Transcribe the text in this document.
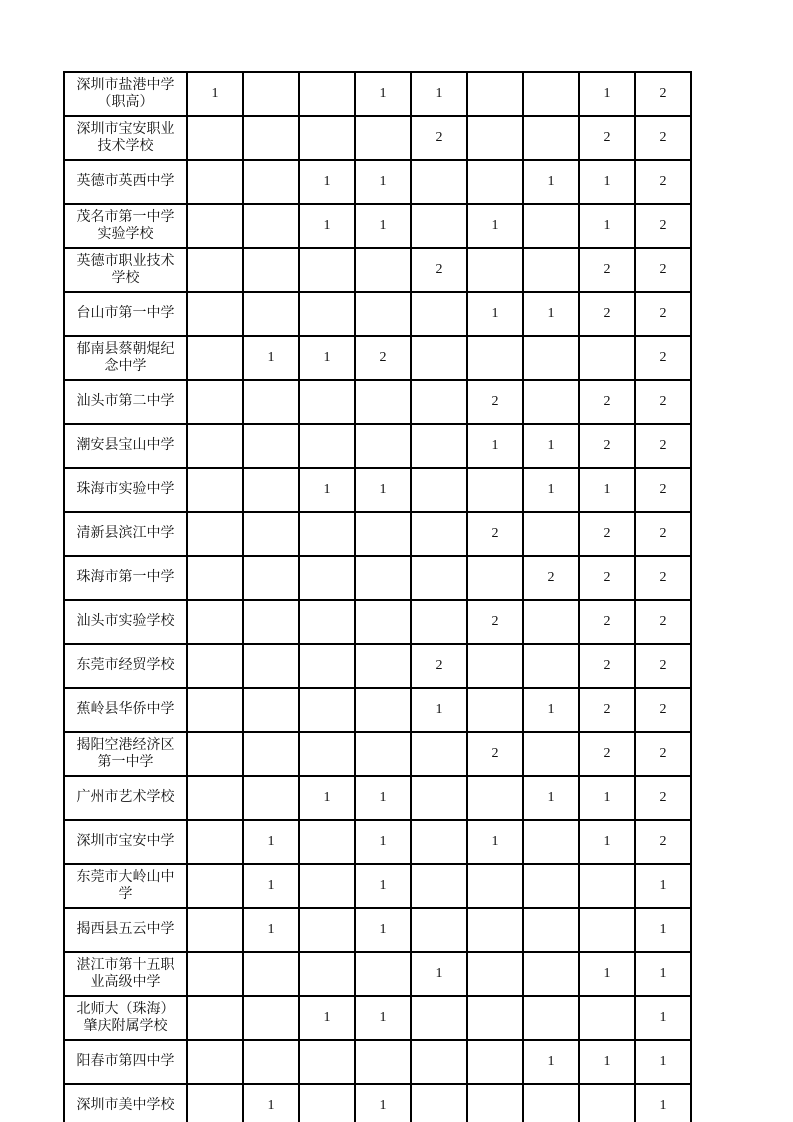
深圳市盐港中学（职高）	1			1	1			1	2
深圳市宝安职业技术学校					2			2	2
英德市英西中学			1	1			1	1	2
茂名市第一中学实验学校			1	1		1		1	2
英德市职业技术学校					2			2	2
台山市第一中学						1	1	2	2
郁南县蔡朝焜纪念中学		1	1	2					2
汕头市第二中学						2		2	2
潮安县宝山中学						1	1	2	2
珠海市实验中学			1	1			1	1	2
清新县滨江中学						2		2	2
珠海市第一中学							2	2	2
汕头市实验学校						2		2	2
东莞市经贸学校					2			2	2
蕉岭县华侨中学					1		1	2	2
揭阳空港经济区第一中学						2		2	2
广州市艺术学校			1	1			1	1	2
深圳市宝安中学		1		1		1		1	2
东莞市大岭山中学		1		1					1
揭西县五云中学		1		1					1
湛江市第十五职业高级中学					1			1	1
北师大（珠海）肇庆附属学校			1	1					1
阳春市第四中学							1	1	1
深圳市美中学校		1		1					1
